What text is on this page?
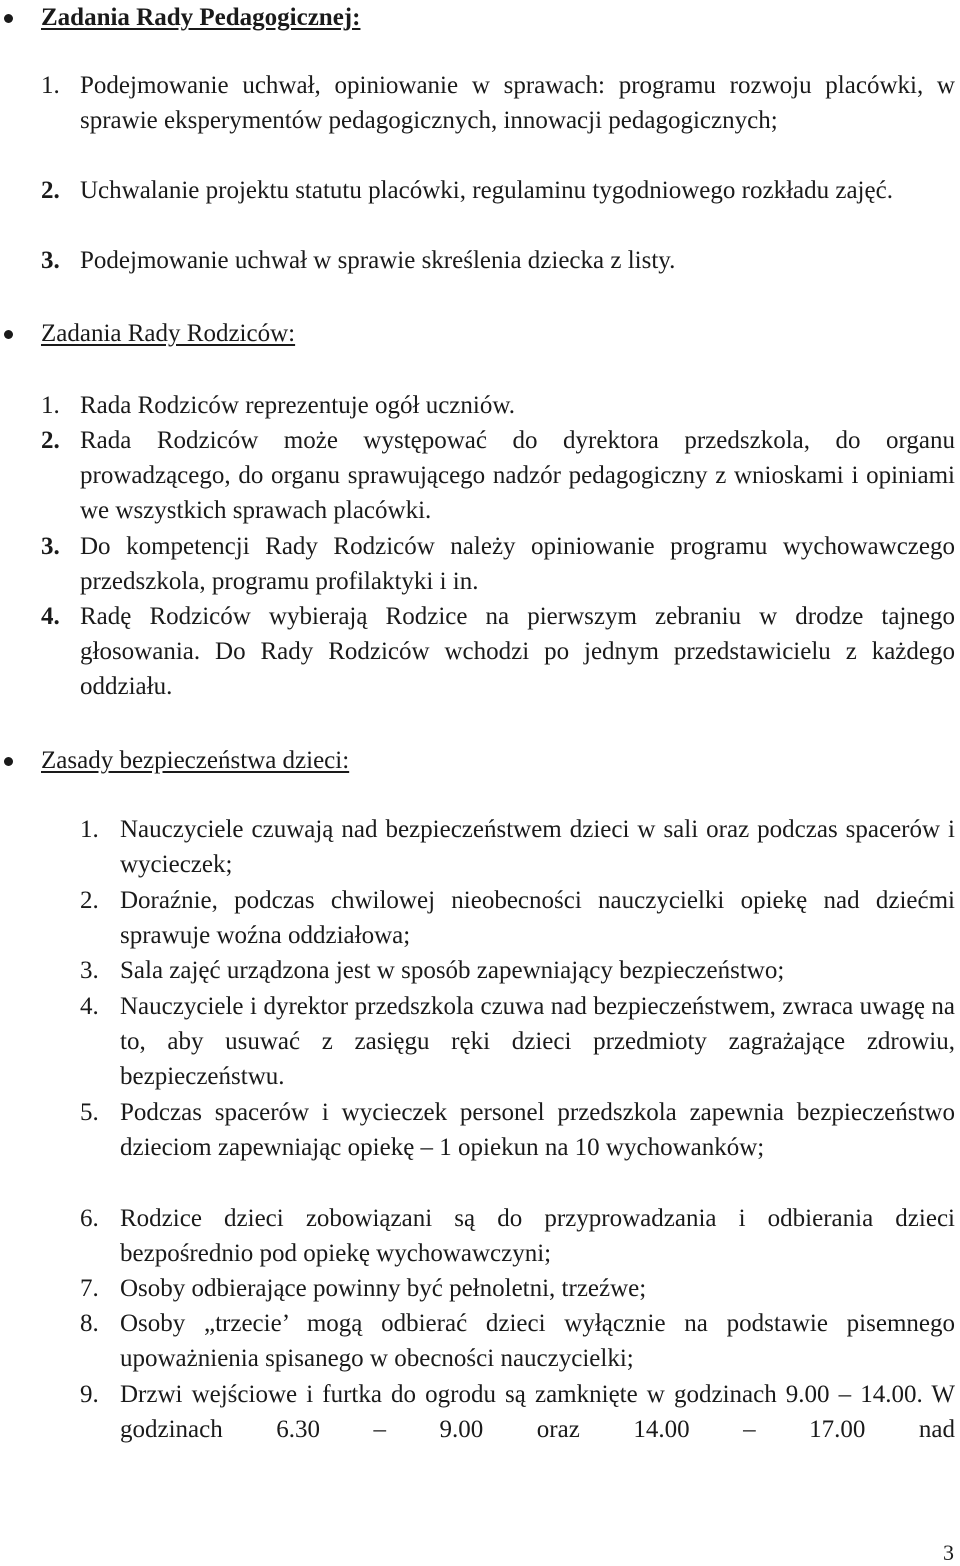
Zadania Rady Pedagogicznej:
1. Podejmowanie uchwał, opiniowanie w sprawach: programu rozwoju placówki, w sprawie eksperymentów pedagogicznych, innowacji pedagogicznych;
2. Uchwalanie projektu statutu placówki, regulaminu tygodniowego rozkładu zajęć.
3. Podejmowanie uchwał w sprawie skreślenia dziecka z listy.
Zadania Rady Rodziców:
1. Rada Rodziców reprezentuje ogół uczniów.
2. Rada Rodziców może występować do dyrektora przedszkola, do organu prowadzącego, do organu sprawującego nadzór pedagogiczny z wnioskami i opiniami we wszystkich sprawach placówki.
3. Do kompetencji Rady Rodziców należy opiniowanie programu wychowawczego przedszkola, programu profilaktyki i in.
4. Radę Rodziców wybierają Rodzice na pierwszym zebraniu w drodze tajnego głosowania. Do Rady Rodziców wchodzi po jednym przedstawicielu z każdego oddziału.
Zasady bezpieczeństwa dzieci:
1. Nauczyciele czuwają nad bezpieczeństwem dzieci w sali oraz podczas spacerów i wycieczek;
2. Doraźnie, podczas chwilowej nieobecności nauczycielki opiekę nad dziećmi sprawuje woźna oddziałowa;
3. Sala zajęć urządzona jest w sposób zapewniający bezpieczeństwo;
4. Nauczyciele i dyrektor przedszkola czuwa nad bezpieczeństwem, zwraca uwagę na to, aby usuwać z zasięgu ręki dzieci przedmioty zagrażające zdrowiu, bezpieczeństwu.
5. Podczas spacerów i wycieczek personel przedszkola zapewnia bezpieczeństwo dzieciom zapewniając opiekę – 1 opiekun na 10 wychowanków;
6. Rodzice dzieci zobowiązani są do przyprowadzania i odbierania dzieci bezpośrednio pod opiekę wychowawczyni;
7. Osoby odbierające powinny być pełnoletni, trzeźwe;
8. Osoby „trzecie’ mogą odbierać dzieci wyłącznie na podstawie pisemnego upoważnienia spisanego w obecności nauczycielki;
9. Drzwi wejściowe i furtka do ogrodu są zamknięte w godzinach 9.00 – 14.00. W godzinach 6.30 – 9.00 oraz 14.00 – 17.00 nad
3
